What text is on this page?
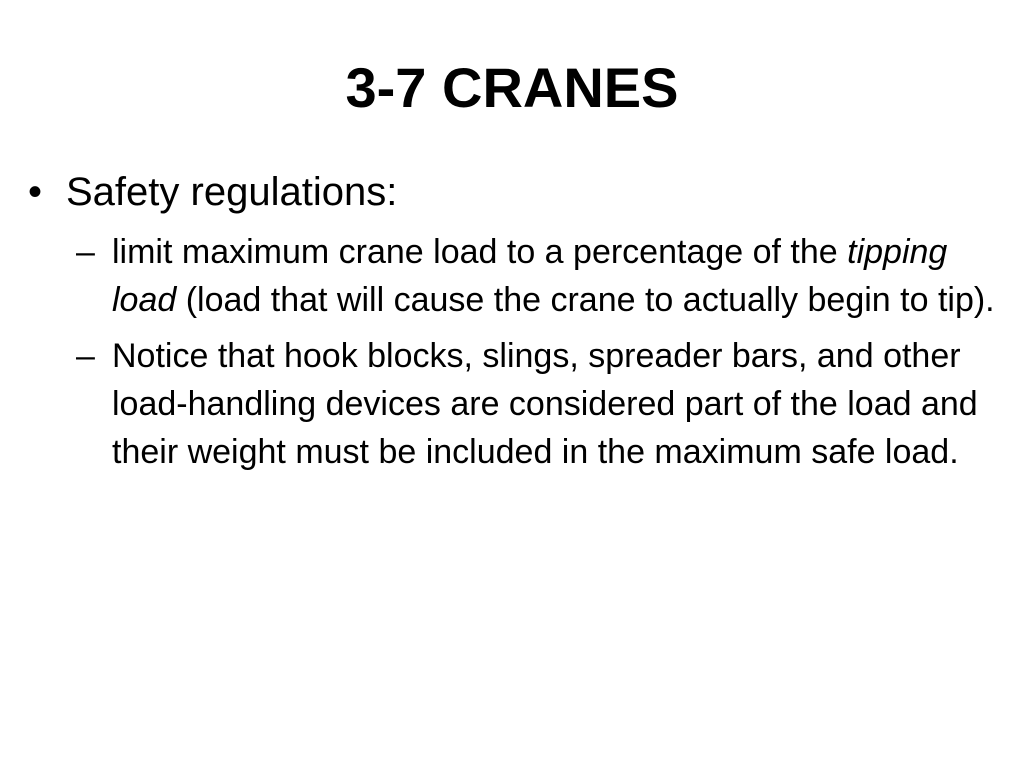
3-7 CRANES
• Safety regulations:
– limit maximum crane load to a percentage of the tipping load (load that will cause the crane to actually begin to tip).
– Notice that hook blocks, slings, spreader bars, and other load-handling devices are considered part of the load and their weight must be included in the maximum safe load.
